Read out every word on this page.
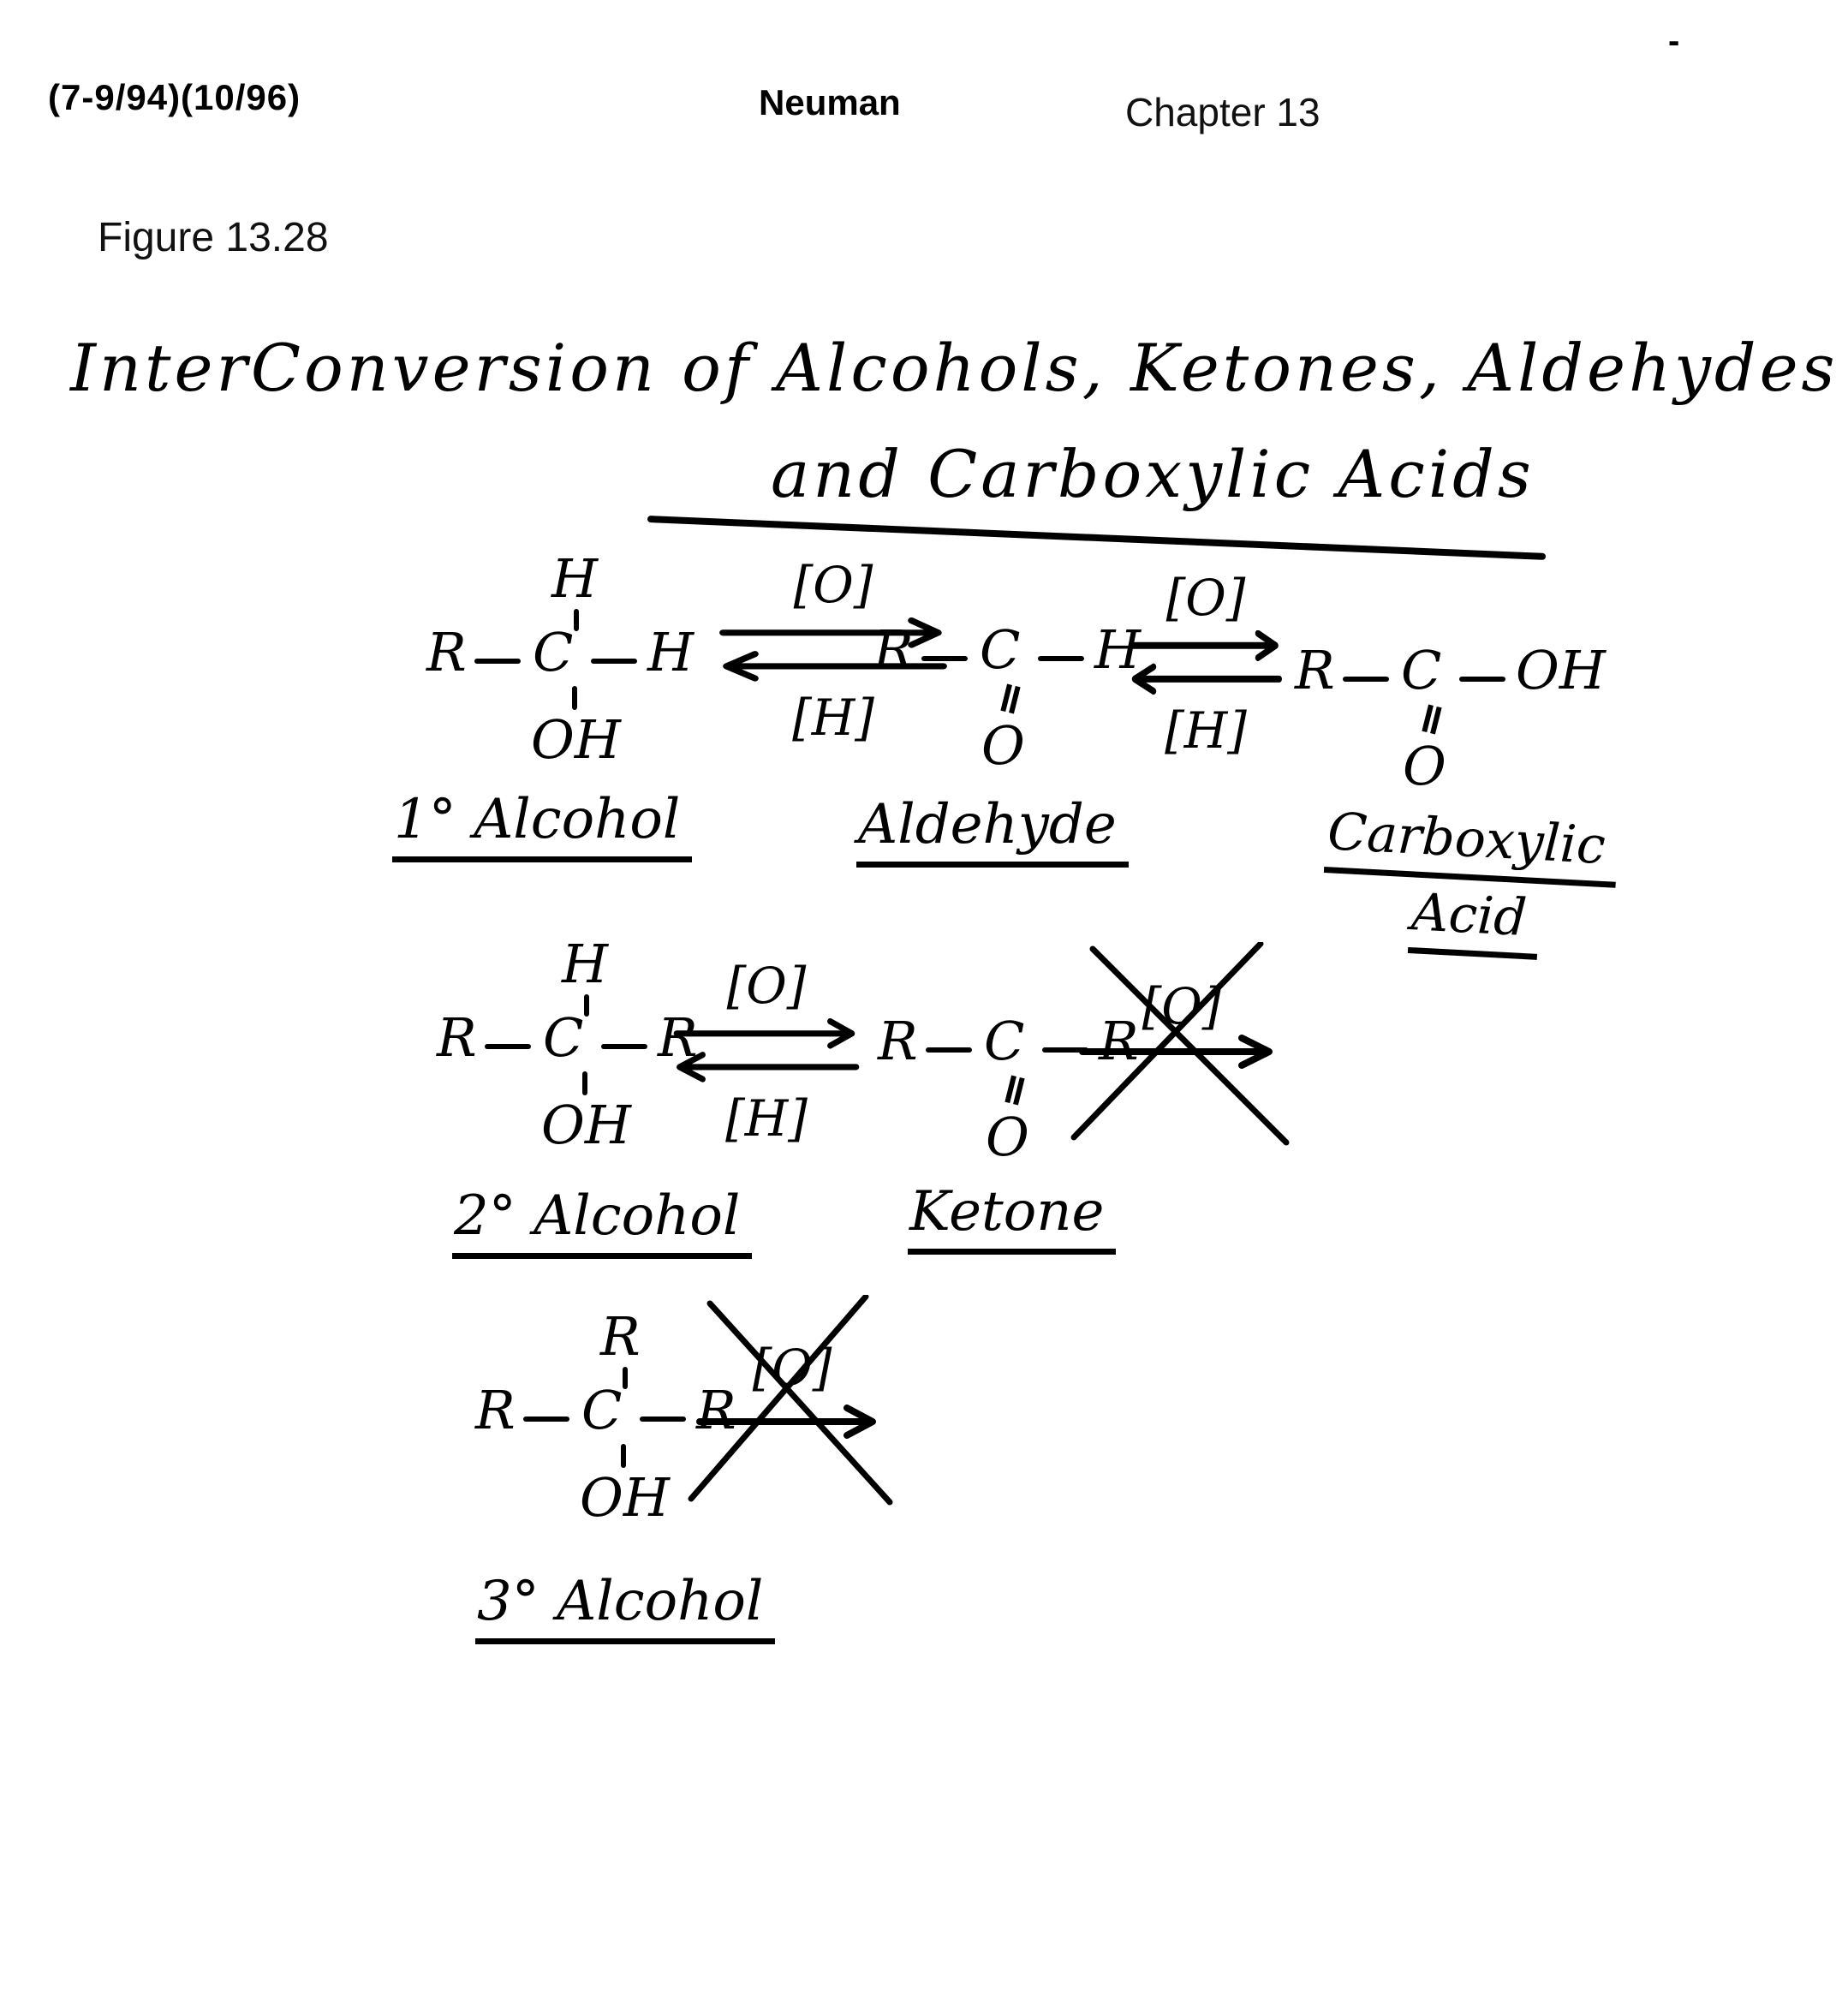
(7-9/94)(10/96)	Neuman	Chapter 13
-
Figure 13.28
InterConversion of Alcohols, Ketones, Aldehydes
and Carboxylic Acids
H
R C H
OH
[O]
[H]
R C H
O
[O]
[H]
R C OH
O
1° Alcohol	Aldehyde	Carboxylic
Acid
H
R C R
OH
[O]
[H]
R C R
O
[O]
2° Alcohol	Ketone
R
R C R
OH
[O]
3° Alcohol
